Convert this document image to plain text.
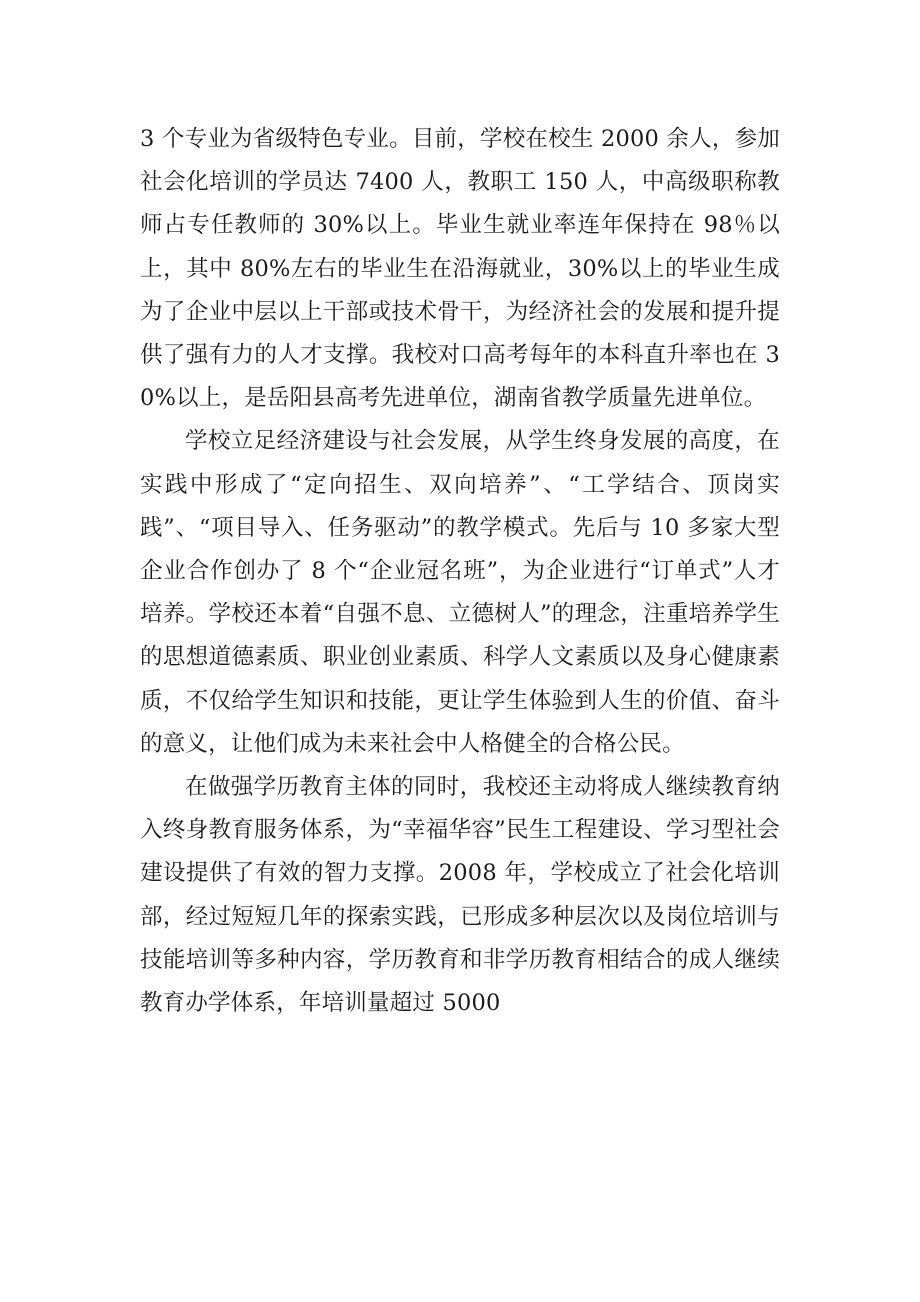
3 个专业为省级特色专业。目前，学校在校生 2000 余人，参加社会化培训的学员达 7400 人，教职工 150 人，中高级职称教师占专任教师的 30%以上。毕业生就业率连年保持在 98％以上，其中 80%左右的毕业生在沿海就业，30%以上的毕业生成为了企业中层以上干部或技术骨干，为经济社会的发展和提升提供了强有力的人才支撑。我校对口高考每年的本科直升率也在 30%以上，是岳阳县高考先进单位，湖南省教学质量先进单位。

学校立足经济建设与社会发展，从学生终身发展的高度，在实践中形成了“定向招生、双向培养”、“工学结合、顶岗实践”、“项目导入、任务驱动”的教学模式。先后与 10 多家大型企业合作创办了 8 个“企业冠名班”，为企业进行“订单式”人才培养。学校还本着“自强不息、立德树人”的理念，注重培养学生的思想道德素质、职业创业素质、科学人文素质以及身心健康素质，不仅给学生知识和技能，更让学生体验到人生的价值、奋斗的意义，让他们成为未来社会中人格健全的合格公民。

在做强学历教育主体的同时，我校还主动将成人继续教育纳入终身教育服务体系，为“幸福华容”民生工程建设、学习型社会建设提供了有效的智力支撑。2008 年，学校成立了社会化培训部，经过短短几年的探索实践，已形成多种层次以及岗位培训与技能培训等多种内容，学历教育和非学历教育相结合的成人继续教育办学体系，年培训量超过 5000
